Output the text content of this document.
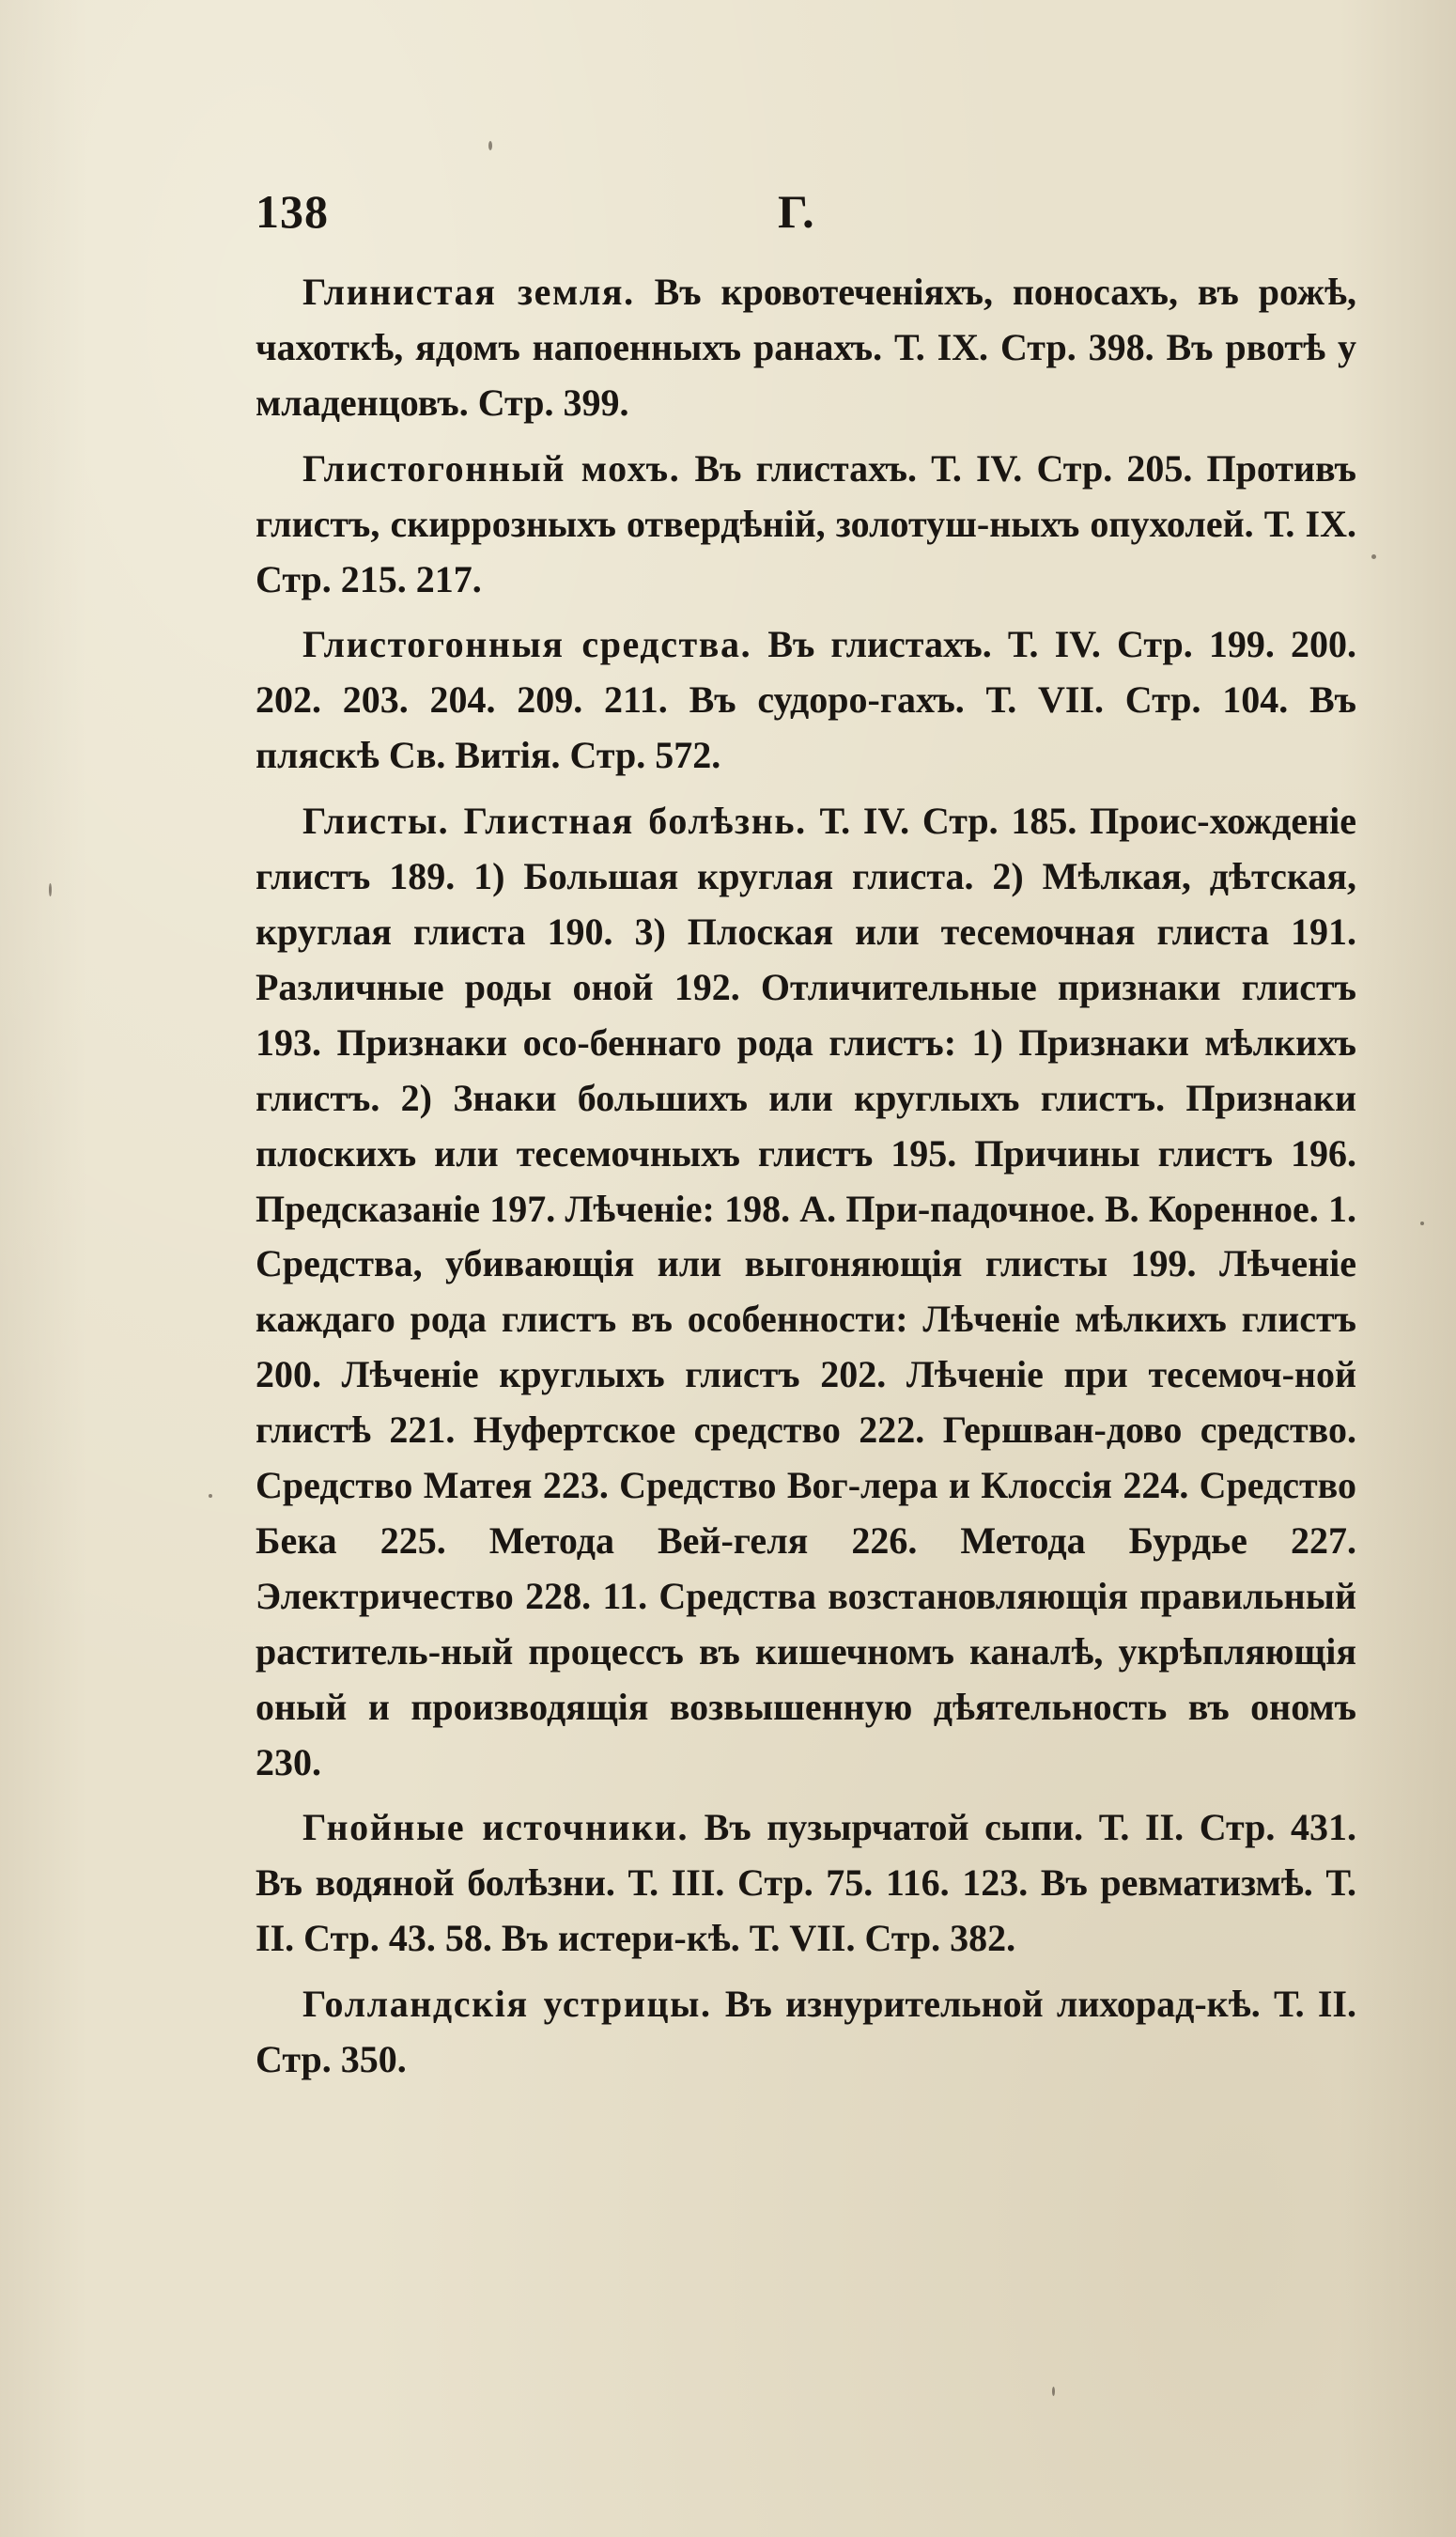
138	Г.

Глинистая земля. Въ кровотеченіяхъ, поносахъ, въ рожѣ, чахоткѣ, ядомъ напоенныхъ ранахъ. Т. IX. Стр. 398. Въ рвотѣ у младенцовъ. Стр. 399.

Глистогонный мохъ. Въ глистахъ. Т. IV. Стр. 205. Противъ глистъ, скиррозныхъ отвердѣній, золотуш-ныхъ опухолей. Т. IX. Стр. 215. 217.

Глистогонныя средства. Въ глистахъ. Т. IV. Стр. 199. 200. 202. 203. 204. 209. 211. Въ судоро-гахъ. Т. VII. Стр. 104. Въ пляскѣ Св. Витія. Стр. 572.

Глисты. Глистная болѣзнь. Т. IV. Стр. 185. Проис-хожденіе глистъ 189. 1) Большая круглая глиста. 2) Мѣлкая, дѣтская, круглая глиста 190. 3) Плоская или тесемочная глиста 191. Различные роды оной 192. Отличительные признаки глистъ 193. Признаки осо-беннаго рода глистъ: 1) Признаки мѣлкихъ глистъ. 2) Знаки большихъ или круглыхъ глистъ. Признаки плоскихъ или тесемочныхъ глистъ 195. Причины глистъ 196. Предсказаніе 197. Лѣченіе: 198. А. При-падочное. В. Коренное. 1. Средства, убивающія или выгоняющія глисты 199. Лѣченіе каждаго рода глистъ въ особенности: Лѣченіе мѣлкихъ глистъ 200. Лѣченіе круглыхъ глистъ 202. Лѣченіе при тесемоч-ной глистѣ 221. Нуфертское средство 222. Гершван-дово средство. Средство Матея 223. Средство Вог-лера и Клоссія 224. Средство Бека 225. Метода Вей-геля 226. Метода Бурдье 227. Электричество 228. 11. Средства возстановляющія правильный раститель-ный процессъ въ кишечномъ каналѣ, укрѣпляющія оный и производящія возвышенную дѣятельность въ ономъ 230.

Гнойные источники. Въ пузырчатой сыпи. Т. II. Стр. 431. Въ водяной болѣзни. Т. III. Стр. 75. 116. 123. Въ ревматизмѣ. Т. II. Стр. 43. 58. Въ истери-кѣ. Т. VII. Стр. 382.

Голландскія устрицы. Въ изнурительной лихорад-кѣ. Т. II. Стр. 350.
